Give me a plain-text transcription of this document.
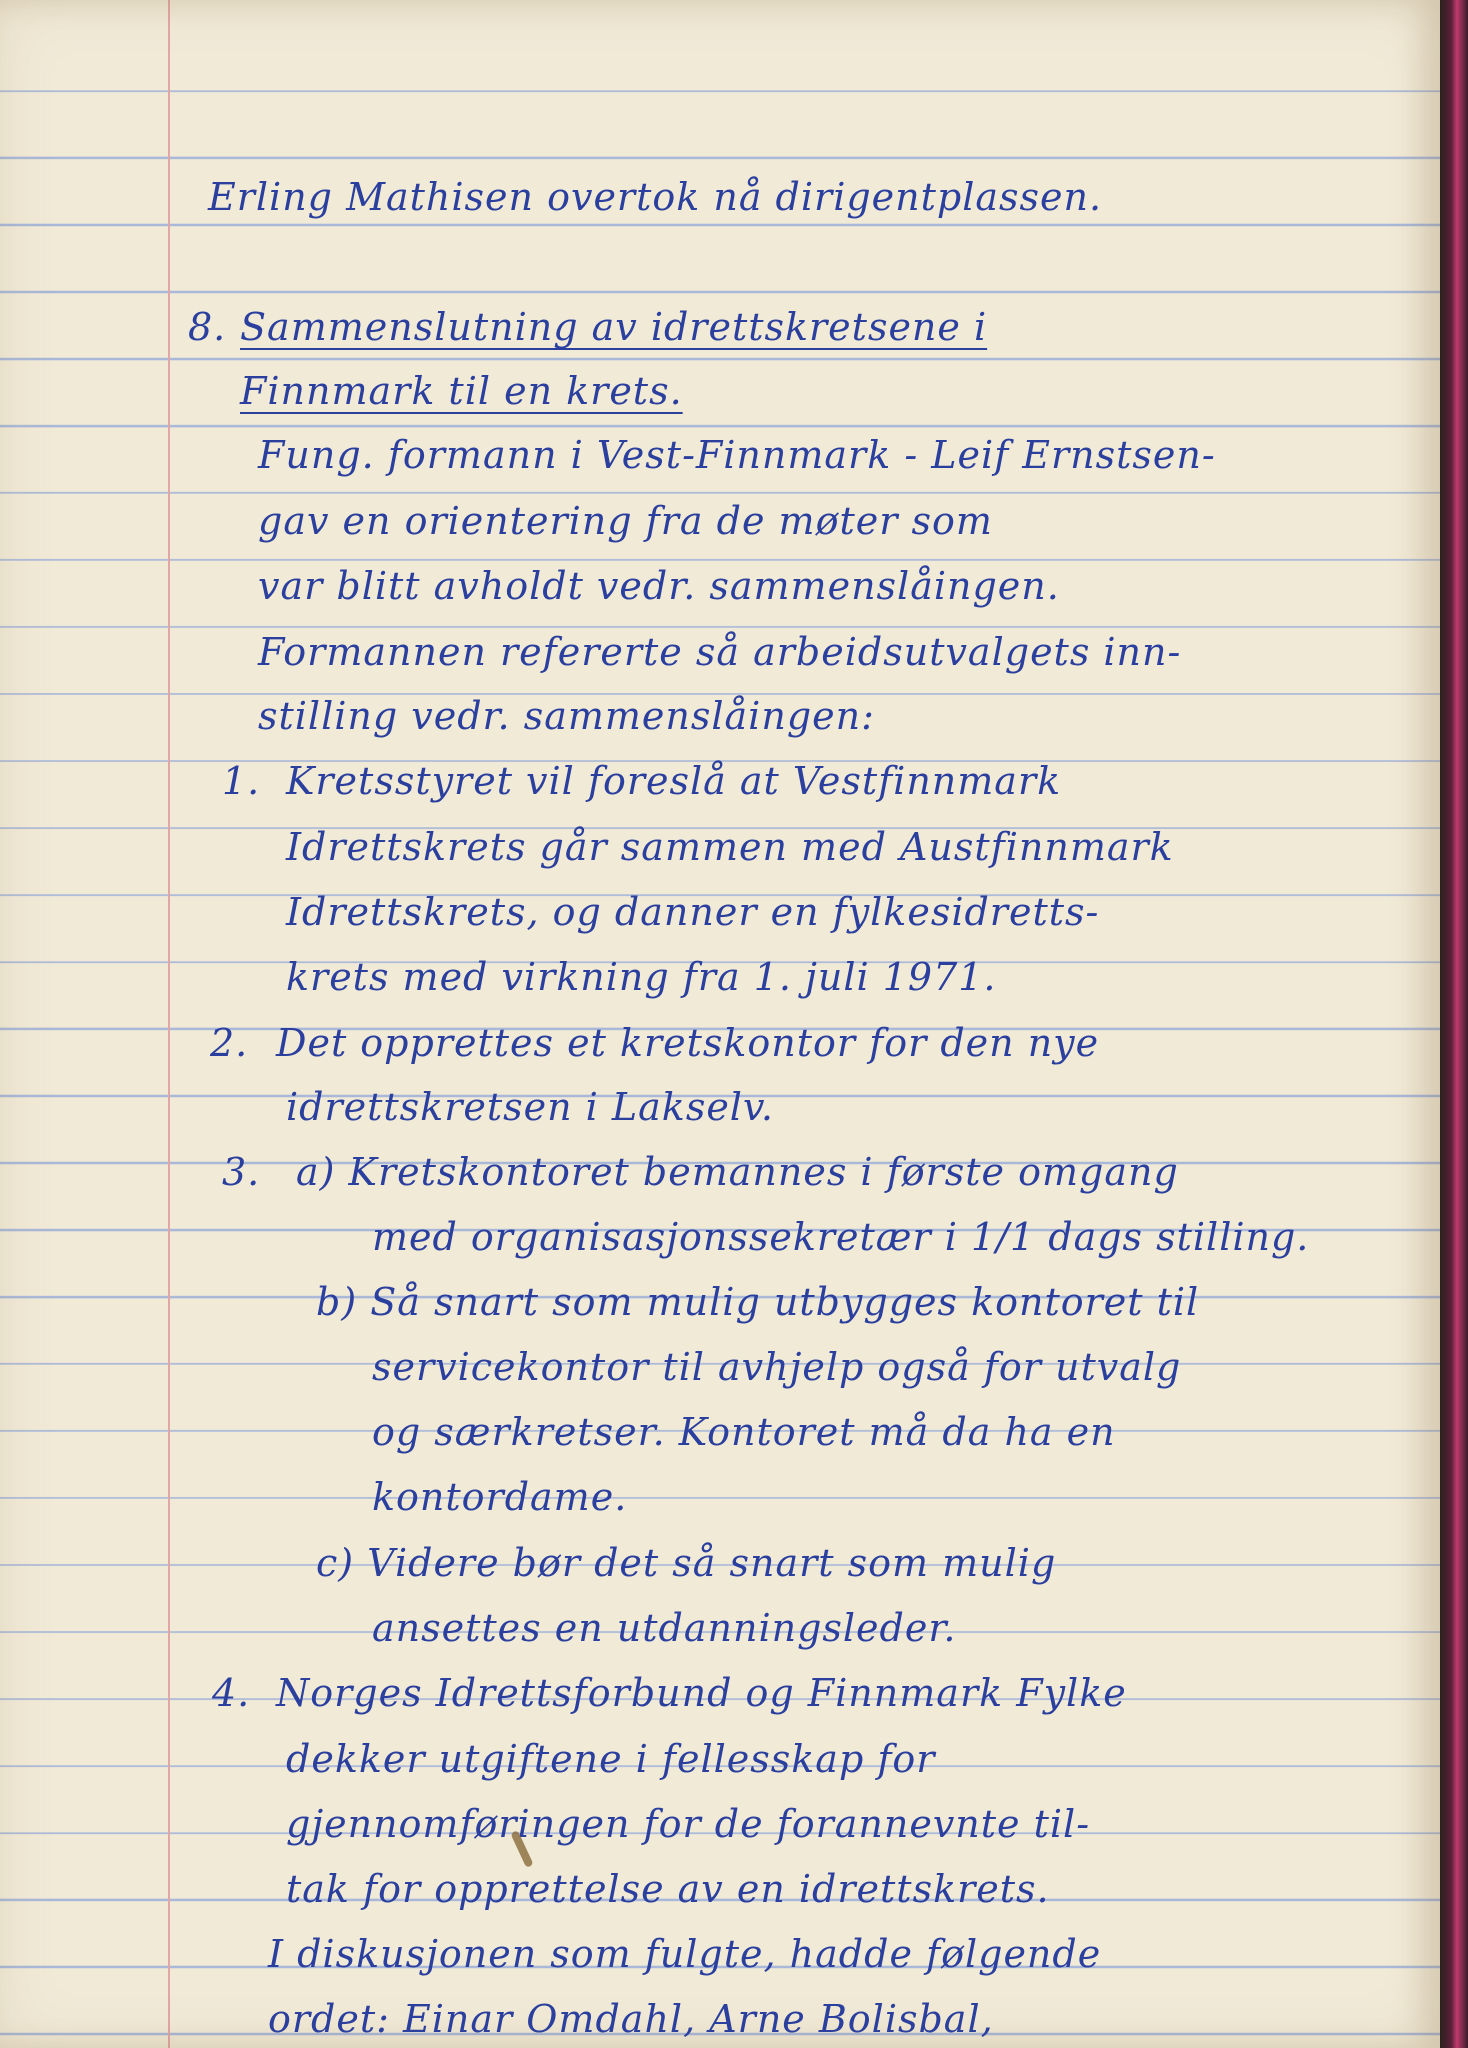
Erling Mathisen overtok nå dirigentplassen.
8. Sammenslutning av idrettskretsene i
Finnmark til en krets.
Fung. formann i Vest-Finnmark - Leif Ernstsen-
gav en orientering fra de møter som
var blitt avholdt vedr. sammenslåingen.
Formannen refererte så arbeidsutvalgets inn-
stilling vedr. sammenslåingen:
1. Kretsstyret vil foreslå at Vestfinnmark
Idrettskrets går sammen med Austfinnmark
Idrettskrets, og danner en fylkesidretts-
krets med virkning fra 1. juli 1971.
2. Det opprettes et kretskontor for den nye
idrettskretsen i Lakselv.
3. a) Kretskontoret bemannes i første omgang
med organisasjonssekretær i 1/1 dags stilling.
b) Så snart som mulig utbygges kontoret til
servicekontor til avhjelp også for utvalg
og særkretser. Kontoret må da ha en
kontordame.
c) Videre bør det så snart som mulig
ansettes en utdanningsleder.
4. Norges Idrettsforbund og Finnmark Fylke
dekker utgiftene i fellesskap for
gjennomføringen for de forannevnte til-
tak for opprettelse av en idrettskrets.
I diskusjonen som fulgte, hadde følgende
ordet: Einar Omdahl, Arne Bolisbal,
